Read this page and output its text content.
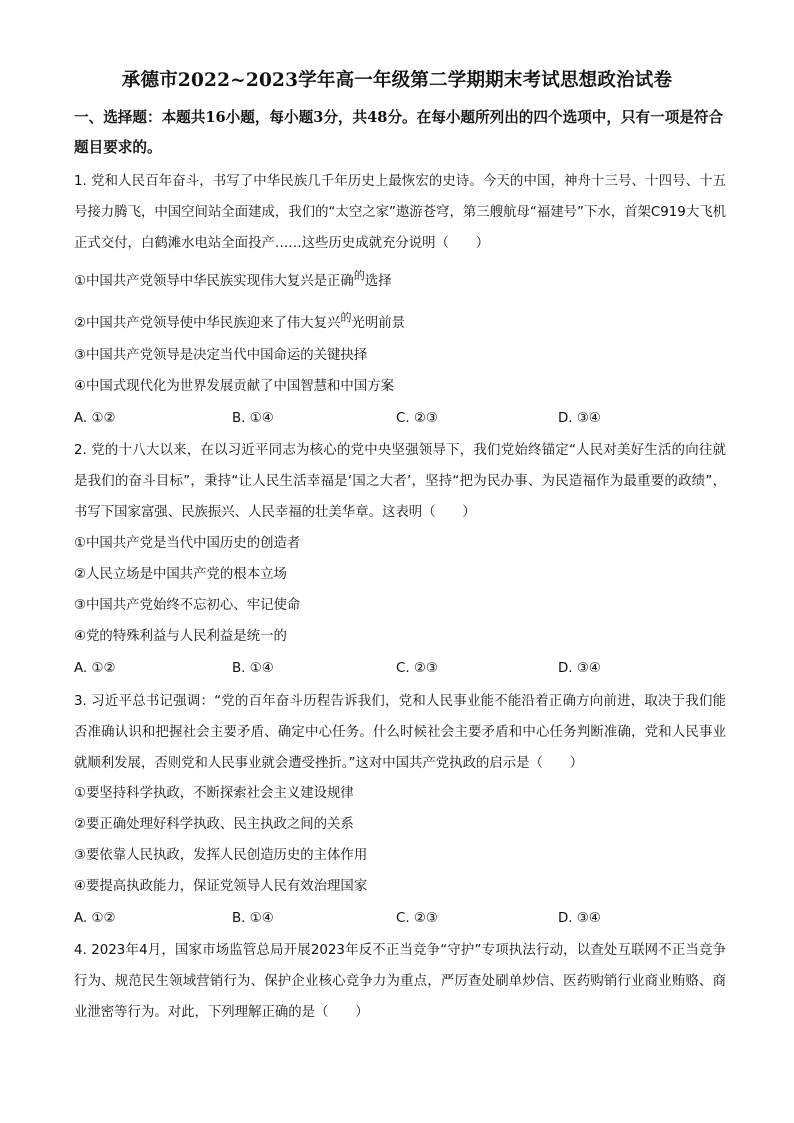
承德市2022~2023学年高一年级第二学期期末考试思想政治试卷
一、选择题：本题共16小题，每小题3分，共48分。在每小题所列出的四个选项中，只有一项是符合题目要求的。
1. 党和人民百年奋斗，书写了中华民族几千年历史上最恢宏的史诗。今天的中国，神舟十三号、十四号、十五号接力腾飞，中国空间站全面建成，我们的“太空之家”遨游苍穹，第三艘航母“福建号”下水，首架C919大飞机正式交付，白鹤滩水电站全面投产……这些历史成就充分说明（　　）
①中国共产党领导中华民族实现伟大复兴是正确$^的$选择
②中国共产党领导使中华民族迎来了伟大复兴$^的$光明前景
③中国共产党领导是决定当代中国命运的关键抉择
④中国式现代化为世界发展贡献了中国智慧和中国方案
A. ①②	B. ①④	C. ②③	D. ③④
2. 党的十八大以来，在以习近平同志为核心的党中央坚强领导下，我们党始终锚定“人民对美好生活的向往就是我们的奋斗目标”，秉持“让人民生活幸福是‘国之大者’，坚持“把为民办事、为民造福作为最重要的政绩”，书写下国家富强、民族振兴、人民幸福的壮美华章。这表明（　　）
①中国共产党是当代中国历史的创造者
②人民立场是中国共产党的根本立场
③中国共产党始终不忘初心、牢记使命
④党的特殊利益与人民利益是统一的
A. ①②	B. ①④	C. ②③	D. ③④
3. 习近平总书记强调：“党的百年奋斗历程告诉我们，党和人民事业能不能沿着正确方向前进，取决于我们能否准确认识和把握社会主要矛盾、确定中心任务。什么时候社会主要矛盾和中心任务判断准确，党和人民事业就顺利发展，否则党和人民事业就会遭受挫折。”这对中国共产党执政的启示是（　　）
①要坚持科学执政，不断探索社会主义建设规律
②要正确处理好科学执政、民主执政之间的关系
③要依靠人民执政，发挥人民创造历史的主体作用
④要提高执政能力，保证党领导人民有效治理国家
A. ①②	B. ①④	C. ②③	D. ③④
4. 2023年4月，国家市场监管总局开展2023年反不正当竞争“守护”专项执法行动，以查处互联网不正当竞争行为、规范民生领域营销行为、保护企业核心竞争力为重点，严厉查处刷单炒信、医药购销行业商业贿赂、商业泄密等行为。对此，下列理解正确的是（　　）
